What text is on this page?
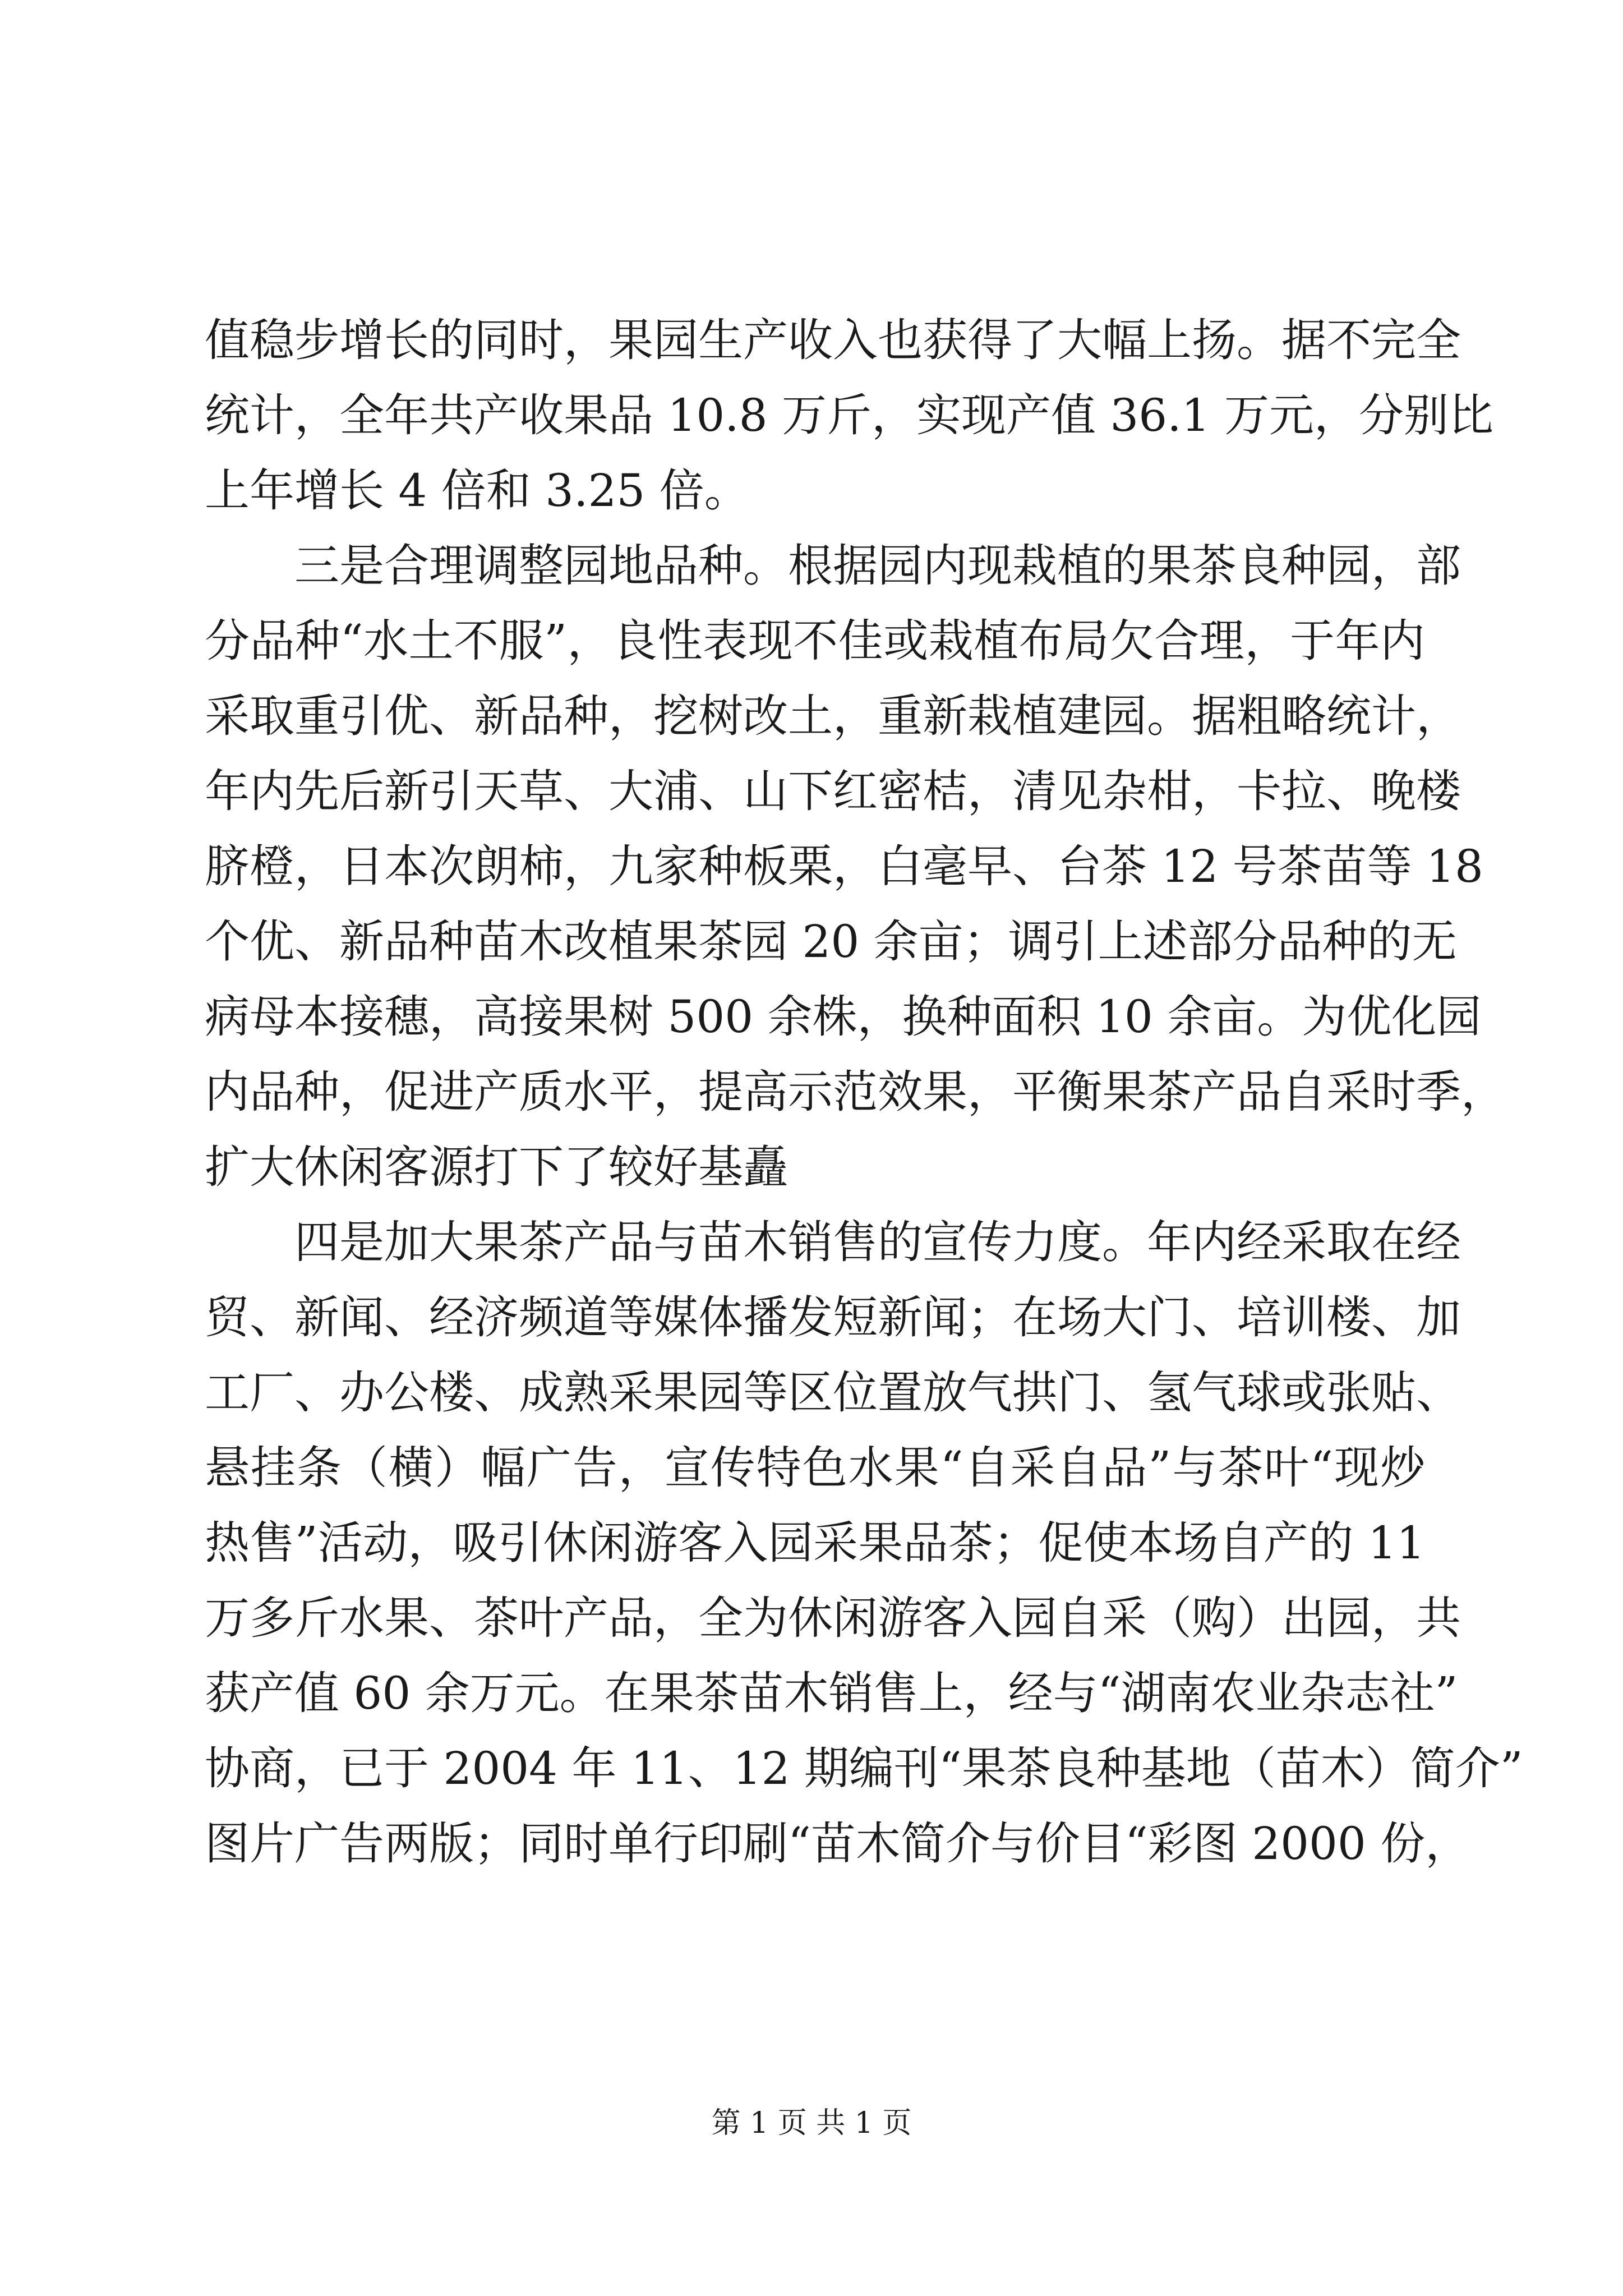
值稳步增长的同时，果园生产收入也获得了大幅上扬。据不完全
统计，全年共产收果品 10.8 万斤，实现产值 36.1 万元，分别比
上年增长 4 倍和 3.25 倍。
三是合理调整园地品种。根据园内现栽植的果茶良种园，部
分品种“水土不服”，良性表现不佳或栽植布局欠合理，于年内
采取重引优、新品种，挖树改土，重新栽植建园。据粗略统计，
年内先后新引天草、大浦、山下红密桔，清见杂柑，卡拉、晚楼
脐橙，日本次朗柿，九家种板栗，白毫早、台茶 12 号茶苗等 18
个优、新品种苗木改植果茶园 20 余亩；调引上述部分品种的无
病母本接穗，高接果树 500 余株，换种面积 10 余亩。为优化园
内品种，促进产质水平，提高示范效果，平衡果茶产品自采时季，
扩大休闲客源打下了较好基矗
四是加大果茶产品与苗木销售的宣传力度。年内经采取在经
贸、新闻、经济频道等媒体播发短新闻；在场大门、培训楼、加
工厂、办公楼、成熟采果园等区位置放气拱门、氢气球或张贴、
悬挂条（横）幅广告，宣传特色水果“自采自品”与茶叶“现炒
热售”活动，吸引休闲游客入园采果品茶；促使本场自产的 11
万多斤水果、茶叶产品，全为休闲游客入园自采（购）出园，共
获产值 60 余万元。在果茶苗木销售上，经与“湖南农业杂志社”
协商，已于 2004 年 11、12 期编刊“果茶良种基地（苗木）简介”
图片广告两版；同时单行印刷“苗木简介与价目“彩图 2000 份，
第 1 页 共 1 页
